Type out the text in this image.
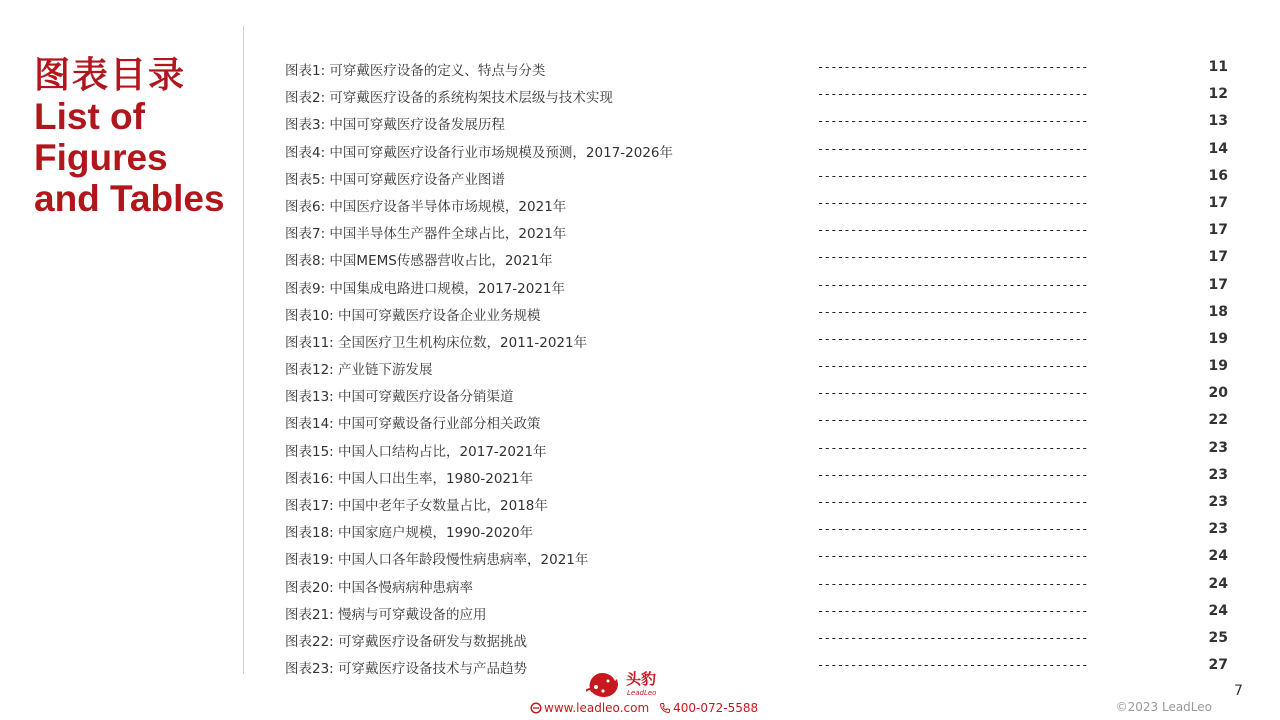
图表目录
List of
Figures
and Tables
图表1: 可穿戴医疗设备的定义、特点与分类	-----------------------------------------	11
图表2: 可穿戴医疗设备的系统构架技术层级与技术实现	-----------------------------------------	12
图表3: 中国可穿戴医疗设备发展历程	-----------------------------------------	13
图表4: 中国可穿戴医疗设备行业市场规模及预测，2017-2026年	-----------------------------------------	14
图表5: 中国可穿戴医疗设备产业图谱	-----------------------------------------	16
图表6: 中国医疗设备半导体市场规模，2021年	-----------------------------------------	17
图表7: 中国半导体生产器件全球占比，2021年	-----------------------------------------	17
图表8: 中国MEMS传感器营收占比，2021年	-----------------------------------------	17
图表9: 中国集成电路进口规模，2017-2021年	-----------------------------------------	17
图表10: 中国可穿戴医疗设备企业业务规模	-----------------------------------------	18
图表11: 全国医疗卫生机构床位数，2011-2021年	-----------------------------------------	19
图表12: 产业链下游发展	-----------------------------------------	19
图表13: 中国可穿戴医疗设备分销渠道	-----------------------------------------	20
图表14: 中国可穿戴设备行业部分相关政策	-----------------------------------------	22
图表15: 中国人口结构占比，2017-2021年	-----------------------------------------	23
图表16: 中国人口出生率，1980-2021年	-----------------------------------------	23
图表17: 中国中老年子女数量占比，2018年	-----------------------------------------	23
图表18: 中国家庭户规模，1990-2020年	-----------------------------------------	23
图表19: 中国人口各年龄段慢性病患病率，2021年	-----------------------------------------	24
图表20: 中国各慢病病种患病率	-----------------------------------------	24
图表21: 慢病与可穿戴设备的应用	-----------------------------------------	24
图表22: 可穿戴医疗设备研发与数据挑战	-----------------------------------------	25
图表23: 可穿戴医疗设备技术与产品趋势	-----------------------------------------	27
头豹
LeadLeo
www.leadleo.com	400-072-5588
7
©2023 LeadLeo
